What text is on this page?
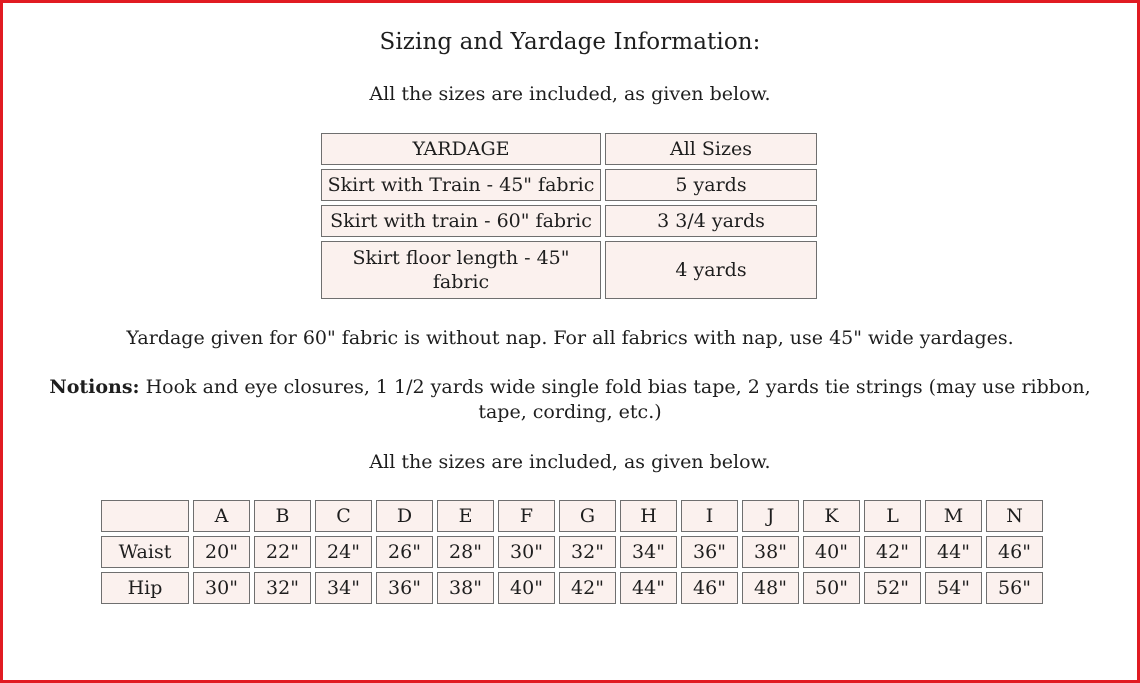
Sizing and Yardage Information:
All the sizes are included, as given below.
YARDAGE	All Sizes
Skirt with Train - 45" fabric	5 yards
Skirt with train - 60" fabric	3 3/4 yards
Skirt floor length - 45" fabric	4 yards
Yardage given for 60" fabric is without nap. For all fabrics with nap, use 45" wide yardages.
Notions: Hook and eye closures, 1 1/2 yards wide single fold bias tape, 2 yards tie strings (may use ribbon, tape, cording, etc.)
All the sizes are included, as given below.
	A	B	C	D	E	F	G	H	I	J	K	L	M	N
Waist	20"	22"	24"	26"	28"	30"	32"	34"	36"	38"	40"	42"	44"	46"
Hip	30"	32"	34"	36"	38"	40"	42"	44"	46"	48"	50"	52"	54"	56"
